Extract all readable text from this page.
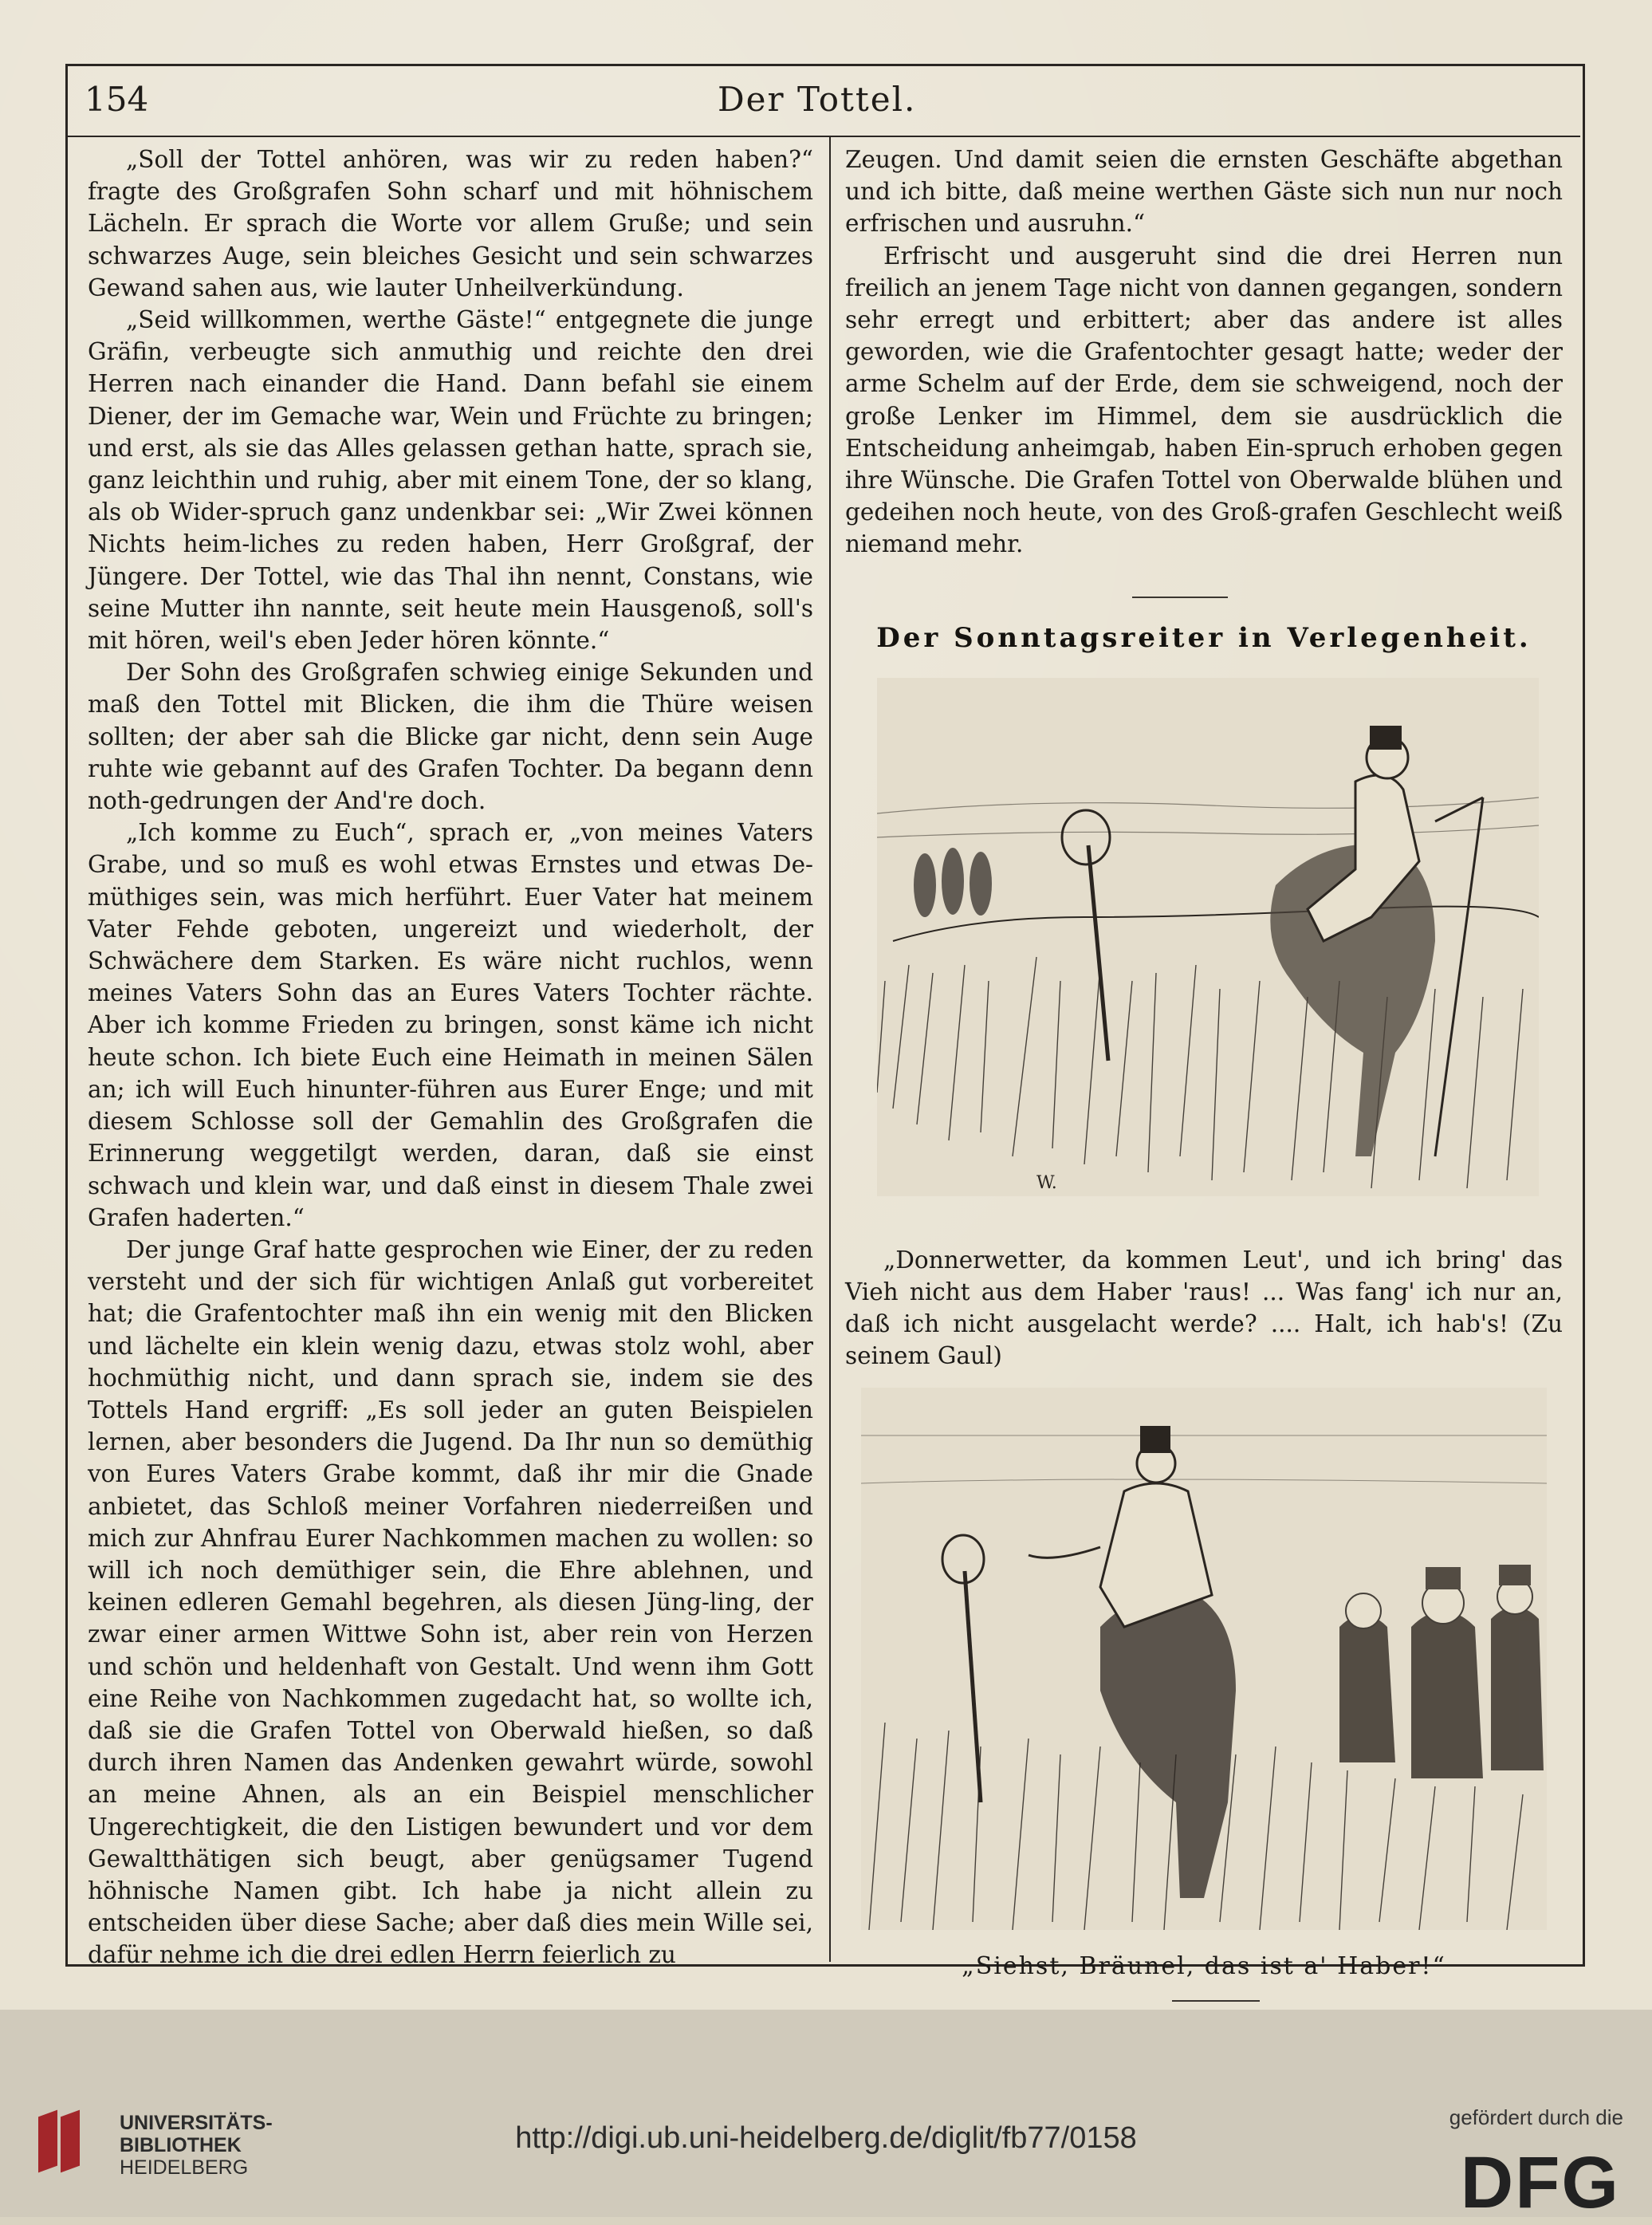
154	Der Tottel.

„Soll der Tottel anhören, was wir zu reden haben?“ fragte des Großgrafen Sohn scharf und mit höhnischem Lächeln. Er sprach die Worte vor allem Gruße; und sein schwarzes Auge, sein bleiches Gesicht und sein schwarzes Gewand sahen aus, wie lauter Unheilverkündung.

„Seid willkommen, werthe Gäste!“ entgegnete die junge Gräfin, verbeugte sich anmuthig und reichte den drei Herren nach einander die Hand. Dann befahl sie einem Diener, der im Gemache war, Wein und Früchte zu bringen; und erst, als sie das Alles gelassen gethan hatte, sprach sie, ganz leichthin und ruhig, aber mit einem Tone, der so klang, als ob Wider-spruch ganz undenkbar sei: „Wir Zwei können Nichts heim-liches zu reden haben, Herr Großgraf, der Jüngere. Der Tottel, wie das Thal ihn nennt, Constans, wie seine Mutter ihn nannte, seit heute mein Hausgenoß, soll's mit hören, weil's eben Jeder hören könnte.“

Der Sohn des Großgrafen schwieg einige Sekunden und maß den Tottel mit Blicken, die ihm die Thüre weisen sollten; der aber sah die Blicke gar nicht, denn sein Auge ruhte wie gebannt auf des Grafen Tochter. Da begann denn noth-gedrungen der And're doch.

„Ich komme zu Euch“, sprach er, „von meines Vaters Grabe, und so muß es wohl etwas Ernstes und etwas De-müthiges sein, was mich herführt. Euer Vater hat meinem Vater Fehde geboten, ungereizt und wiederholt, der Schwächere dem Starken. Es wäre nicht ruchlos, wenn meines Vaters Sohn das an Eures Vaters Tochter rächte. Aber ich komme Frieden zu bringen, sonst käme ich nicht heute schon. Ich biete Euch eine Heimath in meinen Sälen an; ich will Euch hinunter-führen aus Eurer Enge; und mit diesem Schlosse soll der Gemahlin des Großgrafen die Erinnerung weggetilgt werden, daran, daß sie einst schwach und klein war, und daß einst in diesem Thale zwei Grafen haderten.“

Der junge Graf hatte gesprochen wie Einer, der zu reden versteht und der sich für wichtigen Anlaß gut vorbereitet hat; die Grafentochter maß ihn ein wenig mit den Blicken und lächelte ein klein wenig dazu, etwas stolz wohl, aber hochmüthig nicht, und dann sprach sie, indem sie des Tottels Hand ergriff: „Es soll jeder an guten Beispielen lernen, aber besonders die Jugend. Da Ihr nun so demüthig von Eures Vaters Grabe kommt, daß ihr mir die Gnade anbietet, das Schloß meiner Vorfahren niederreißen und mich zur Ahnfrau Eurer Nachkommen machen zu wollen: so will ich noch demüthiger sein, die Ehre ablehnen, und keinen edleren Gemahl begehren, als diesen Jüng-ling, der zwar einer armen Wittwe Sohn ist, aber rein von Herzen und schön und heldenhaft von Gestalt. Und wenn ihm Gott eine Reihe von Nachkommen zugedacht hat, so wollte ich, daß sie die Grafen Tottel von Oberwald hießen, so daß durch ihren Namen das Andenken gewahrt würde, sowohl an meine Ahnen, als an ein Beispiel menschlicher Ungerechtigkeit, die den Listigen bewundert und vor dem Gewaltthätigen sich beugt, aber genügsamer Tugend höhnische Namen gibt. Ich habe ja nicht allein zu entscheiden über diese Sache; aber daß dies mein Wille sei, dafür nehme ich die drei edlen Herrn feierlich zu

Zeugen. Und damit seien die ernsten Geschäfte abgethan und ich bitte, daß meine werthen Gäste sich nun nur noch erfrischen und ausruhn.“

Erfrischt und ausgeruht sind die drei Herren nun freilich an jenem Tage nicht von dannen gegangen, sondern sehr erregt und erbittert; aber das andere ist alles geworden, wie die Grafentochter gesagt hatte; weder der arme Schelm auf der Erde, dem sie schweigend, noch der große Lenker im Himmel, dem sie ausdrücklich die Entscheidung anheimgab, haben Ein-spruch erhoben gegen ihre Wünsche. Die Grafen Tottel von Oberwalde blühen und gedeihen noch heute, von des Groß-grafen Geschlecht weiß niemand mehr.

Der Sonntagsreiter in Verlegenheit.
W.
„Donnerwetter, da kommen Leut', und ich bring' das Vieh nicht aus dem Haber 'raus! ... Was fang' ich nur an, daß ich nicht ausgelacht werde? .... Halt, ich hab's! (Zu seinem Gaul)
„Siehst, Bräunel, das ist a' Haber!“
UNIVERSITÄTS-
BIBLIOTHEK
HEIDELBERG
http://digi.ub.uni-heidelberg.de/diglit/fb77/0158
gefördert durch die
DFG
